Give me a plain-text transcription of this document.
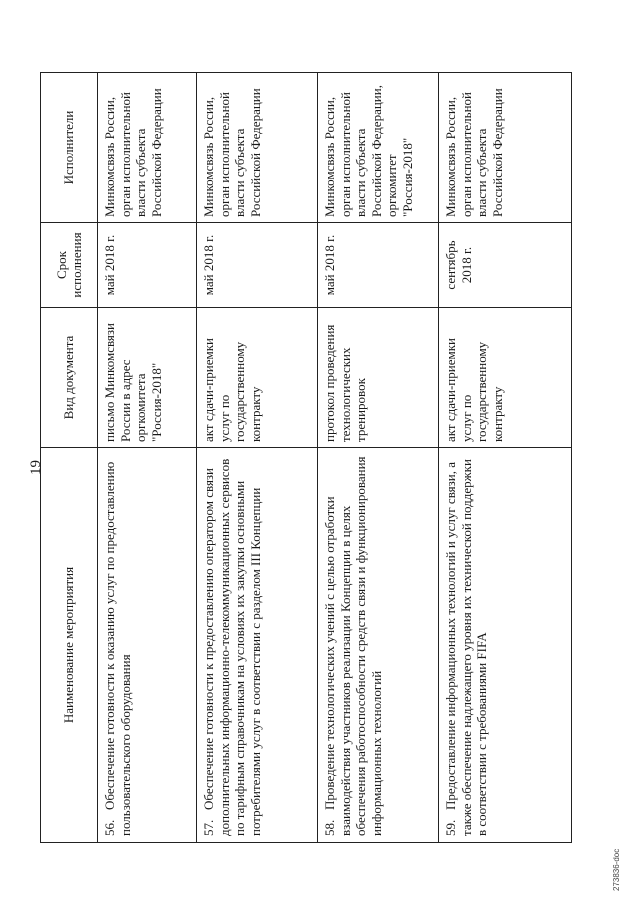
19
Наименование мероприятия	Вид документа	Срок исполнения	Исполнители
56.Обеспечение готовности к оказанию услуг по предоставлению пользовательского оборудования	письмо Минкомсвязи России в адрес оргкомитета "Россия-2018"	май 2018 г.	Минкомсвязь России, орган исполнительной власти субъекта Российской Федерации
57.Обеспечение готовности к предоставлению оператором связи дополнительных информационно-телекоммуникационных сервисов по тарифным справочникам на условиях их закупки основными потребителями услуг в соответствии с разделом III Концепции	акт сдачи-приемки услуг по государственному контракту	май 2018 г.	Минкомсвязь России, орган исполнительной власти субъекта Российской Федерации
58.Проведение технологических учений с целью отработки взаимодействия участников реализации Концепции в целях обеспечения работоспособности средств связи и функционирования информационных технологий	протокол проведения технологических тренировок	май 2018 г.	Минкомсвязь России, орган исполнительной власти субъекта Российской Федерации, оргкомитет "Россия-2018"
59.Предоставление информационных технологий и услуг связи, а также обеспечение надлежащего уровня их технической поддержки в соответствии с требованиями FIFA	акт сдачи-приемки услуг по государственному контракту	сентябрь 2018 г.	Минкомсвязь России, орган исполнительной власти субъекта Российской Федерации
273836-doc
